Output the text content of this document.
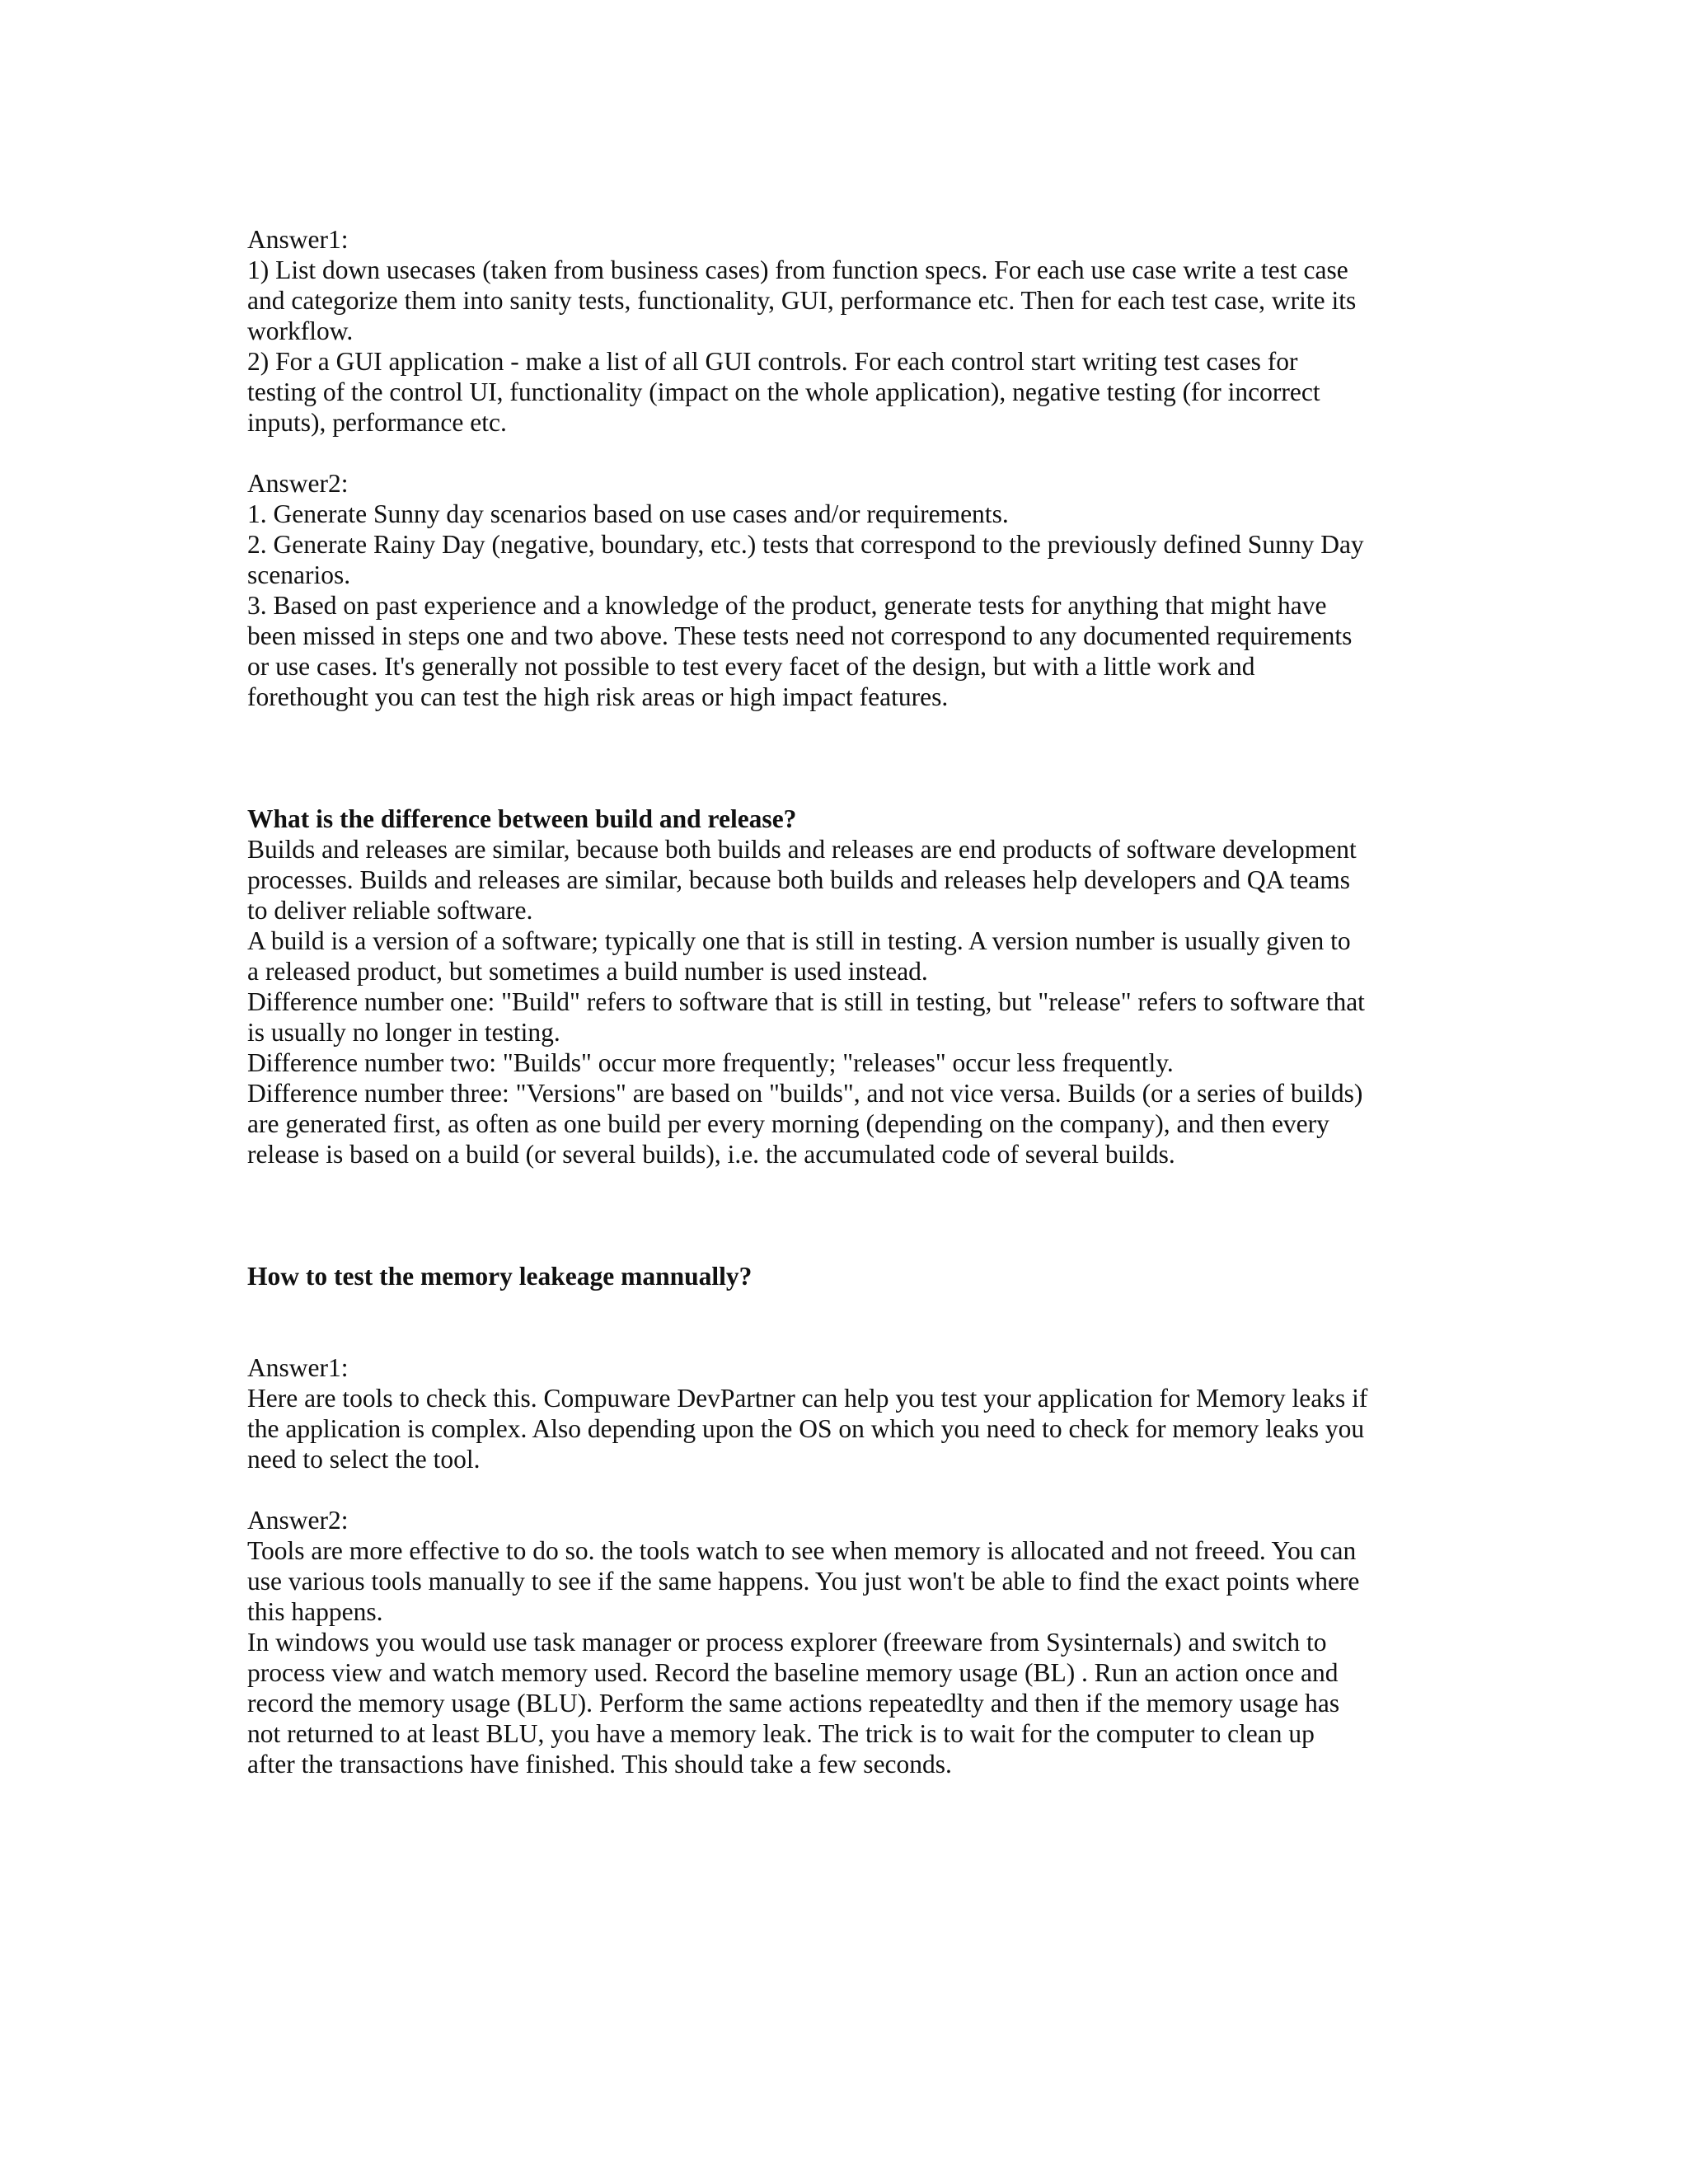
Answer1:
1) List down usecases (taken from business cases) from function specs. For each use case write a test case
and categorize them into sanity tests, functionality, GUI, performance etc. Then for each test case, write its
workflow.
2) For a GUI application - make a list of all GUI controls. For each control start writing test cases for
testing of the control UI, functionality (impact on the whole application), negative testing (for incorrect
inputs), performance etc.
Answer2:
1. Generate Sunny day scenarios based on use cases and/or requirements.
2. Generate Rainy Day (negative, boundary, etc.) tests that correspond to the previously defined Sunny Day
scenarios.
3. Based on past experience and a knowledge of the product, generate tests for anything that might have
been missed in steps one and two above. These tests need not correspond to any documented requirements
or use cases. It's generally not possible to test every facet of the design, but with a little work and
forethought you can test the high risk areas or high impact features.
What is the difference between build and release?
Builds and releases are similar, because both builds and releases are end products of software development
processes. Builds and releases are similar, because both builds and releases help developers and QA teams
to deliver reliable software.
A build is a version of a software; typically one that is still in testing. A version number is usually given to
a released product, but sometimes a build number is used instead.
Difference number one: "Build" refers to software that is still in testing, but "release" refers to software that
is usually no longer in testing.
Difference number two: "Builds" occur more frequently; "releases" occur less frequently.
Difference number three: "Versions" are based on "builds", and not vice versa. Builds (or a series of builds)
are generated first, as often as one build per every morning (depending on the company), and then every
release is based on a build (or several builds), i.e. the accumulated code of several builds.
How to test the memory leakeage mannually?
Answer1:
Here are tools to check this. Compuware DevPartner can help you test your application for Memory leaks if
the application is complex. Also depending upon the OS on which you need to check for memory leaks you
need to select the tool.
Answer2:
Tools are more effective to do so. the tools watch to see when memory is allocated and not freeed. You can
use various tools manually to see if the same happens. You just won't be able to find the exact points where
this happens.
In windows you would use task manager or process explorer (freeware from Sysinternals) and switch to
process view and watch memory used. Record the baseline memory usage (BL) . Run an action once and
record the memory usage (BLU). Perform the same actions repeatedlty and then if the memory usage has
not returned to at least BLU, you have a memory leak. The trick is to wait for the computer to clean up
after the transactions have finished. This should take a few seconds.
